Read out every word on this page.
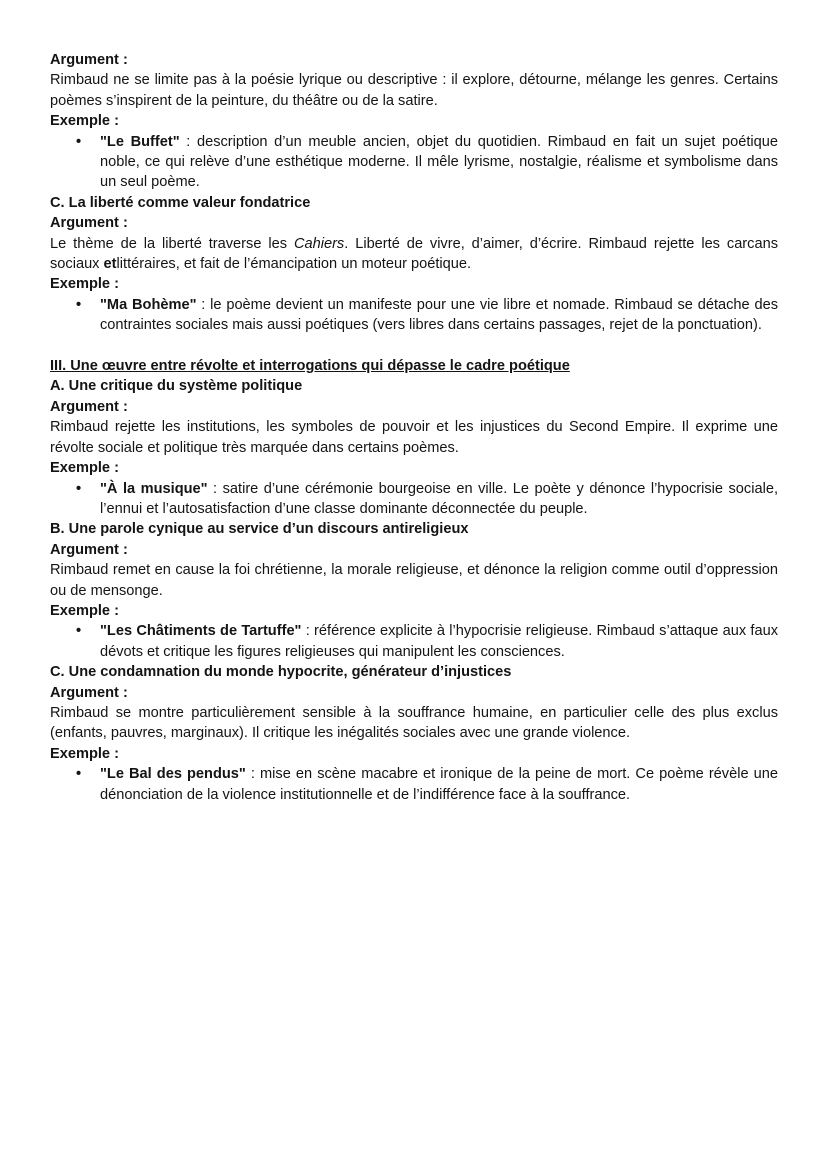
Argument :
Rimbaud ne se limite pas à la poésie lyrique ou descriptive : il explore, détourne, mélange les genres. Certains poèmes s’inspirent de la peinture, du théâtre ou de la satire.
Exemple :
•	"Le Buffet" : description d’un meuble ancien, objet du quotidien. Rimbaud en fait un sujet poétique noble, ce qui relève d’une esthétique moderne. Il mêle lyrisme, nostalgie, réalisme et symbolisme dans un seul poème.
C. La liberté comme valeur fondatrice
Argument :
Le thème de la liberté traverse les Cahiers. Liberté de vivre, d’aimer, d’écrire. Rimbaud rejette les carcans sociaux etlittéraires, et fait de l’émancipation un moteur poétique.
Exemple :
•	"Ma Bohème" : le poème devient un manifeste pour une vie libre et nomade. Rimbaud se détache des contraintes sociales mais aussi poétiques (vers libres dans certains passages, rejet de la ponctuation).
III. Une œuvre entre révolte et interrogations qui dépasse le cadre poétique
A. Une critique du système politique
Argument :
Rimbaud rejette les institutions, les symboles de pouvoir et les injustices du Second Empire. Il exprime une révolte sociale et politique très marquée dans certains poèmes.
Exemple :
•	"À la musique" : satire d’une cérémonie bourgeoise en ville. Le poète y dénonce l’hypocrisie sociale, l’ennui et l’autosatisfaction d’une classe dominante déconnectée du peuple.
B. Une parole cynique au service d’un discours antireligieux
Argument :
Rimbaud remet en cause la foi chrétienne, la morale religieuse, et dénonce la religion comme outil d’oppression ou de mensonge.
Exemple :
•	"Les Châtiments de Tartuffe" : référence explicite à l’hypocrisie religieuse. Rimbaud s’attaque aux faux dévots et critique les figures religieuses qui manipulent les consciences.
C. Une condamnation du monde hypocrite, générateur d’injustices
Argument :
Rimbaud se montre particulièrement sensible à la souffrance humaine, en particulier celle des plus exclus (enfants, pauvres, marginaux). Il critique les inégalités sociales avec une grande violence.
Exemple :
•	"Le Bal des pendus" : mise en scène macabre et ironique de la peine de mort. Ce poème révèle une dénonciation de la violence institutionnelle et de l’indifférence face à la souffrance.
